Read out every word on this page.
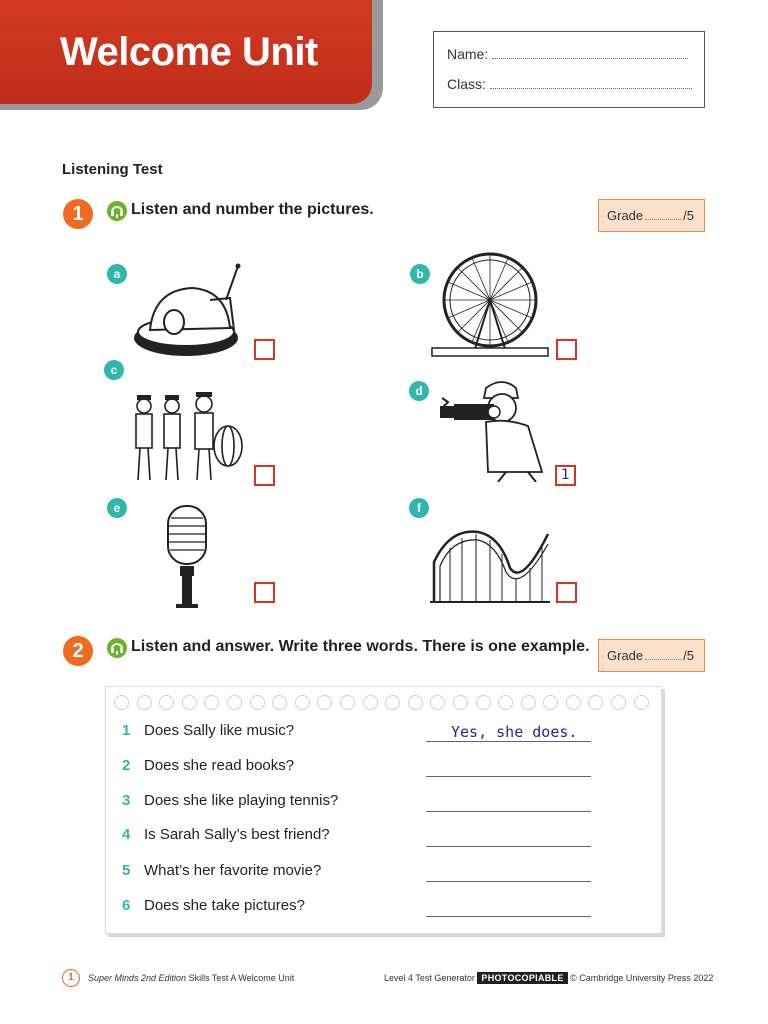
Welcome Unit	Name:
Class:
Listening Test
1	Listen and number the pictures.	Grade	/5
a	b
c
d
1
e	f
2	Listen and answer. Write three words. There is one example.
Grade	/5
1 Does Sally like music?	Yes, she does.
2 Does she read books?
3 Does she like playing tennis?
4 Is Sarah Sally’s best friend?
5 What’s her favorite movie?
6 Does she take pictures?
1	Super Minds 2nd Edition Skills Test A Welcome Unit	Level 4 Test Generator PHOTOCOPIABLE © Cambridge University Press 2022
